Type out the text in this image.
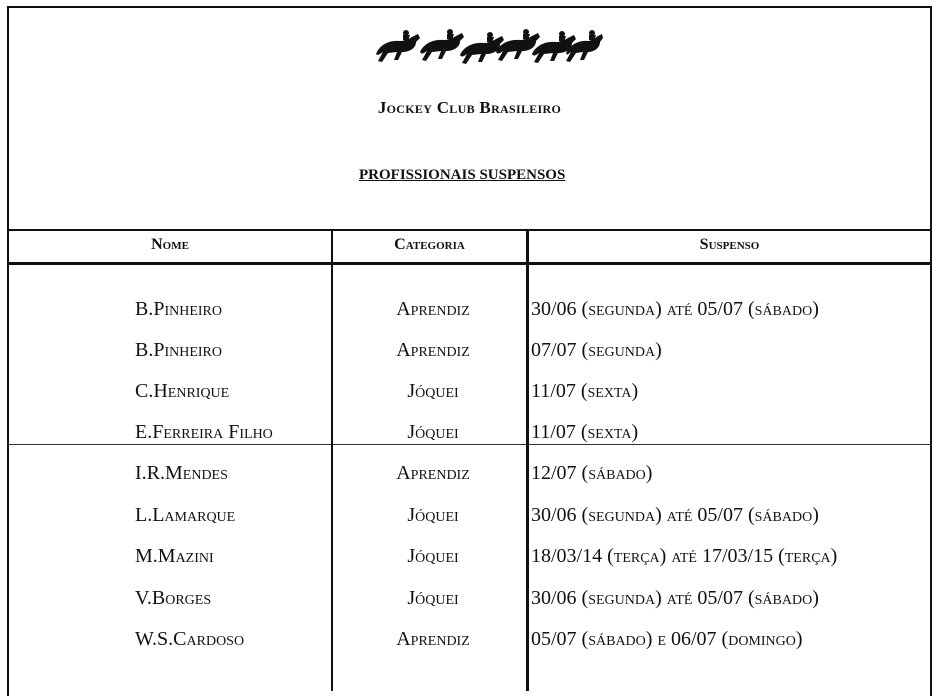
Jockey Club Brasileiro
PROFISSIONAIS SUSPENSOS
Nome	Categoria	Suspenso
B.Pinheiro	Aprendiz	30/06 (segunda) até 05/07 (sábado)
B.Pinheiro	Aprendiz	07/07 (segunda)
C.Henrique	Jóquei	11/07 (sexta)
E.Ferreira Filho	Jóquei	11/07 (sexta)
I.R.Mendes	Aprendiz	12/07 (sábado)
L.Lamarque	Jóquei	30/06 (segunda) até 05/07 (sábado)
M.Mazini	Jóquei	18/03/14 (terça) até 17/03/15 (terça)
V.Borges	Jóquei	30/06 (segunda) até 05/07 (sábado)
W.S.Cardoso	Aprendiz	05/07 (sábado) e 06/07 (domingo)
